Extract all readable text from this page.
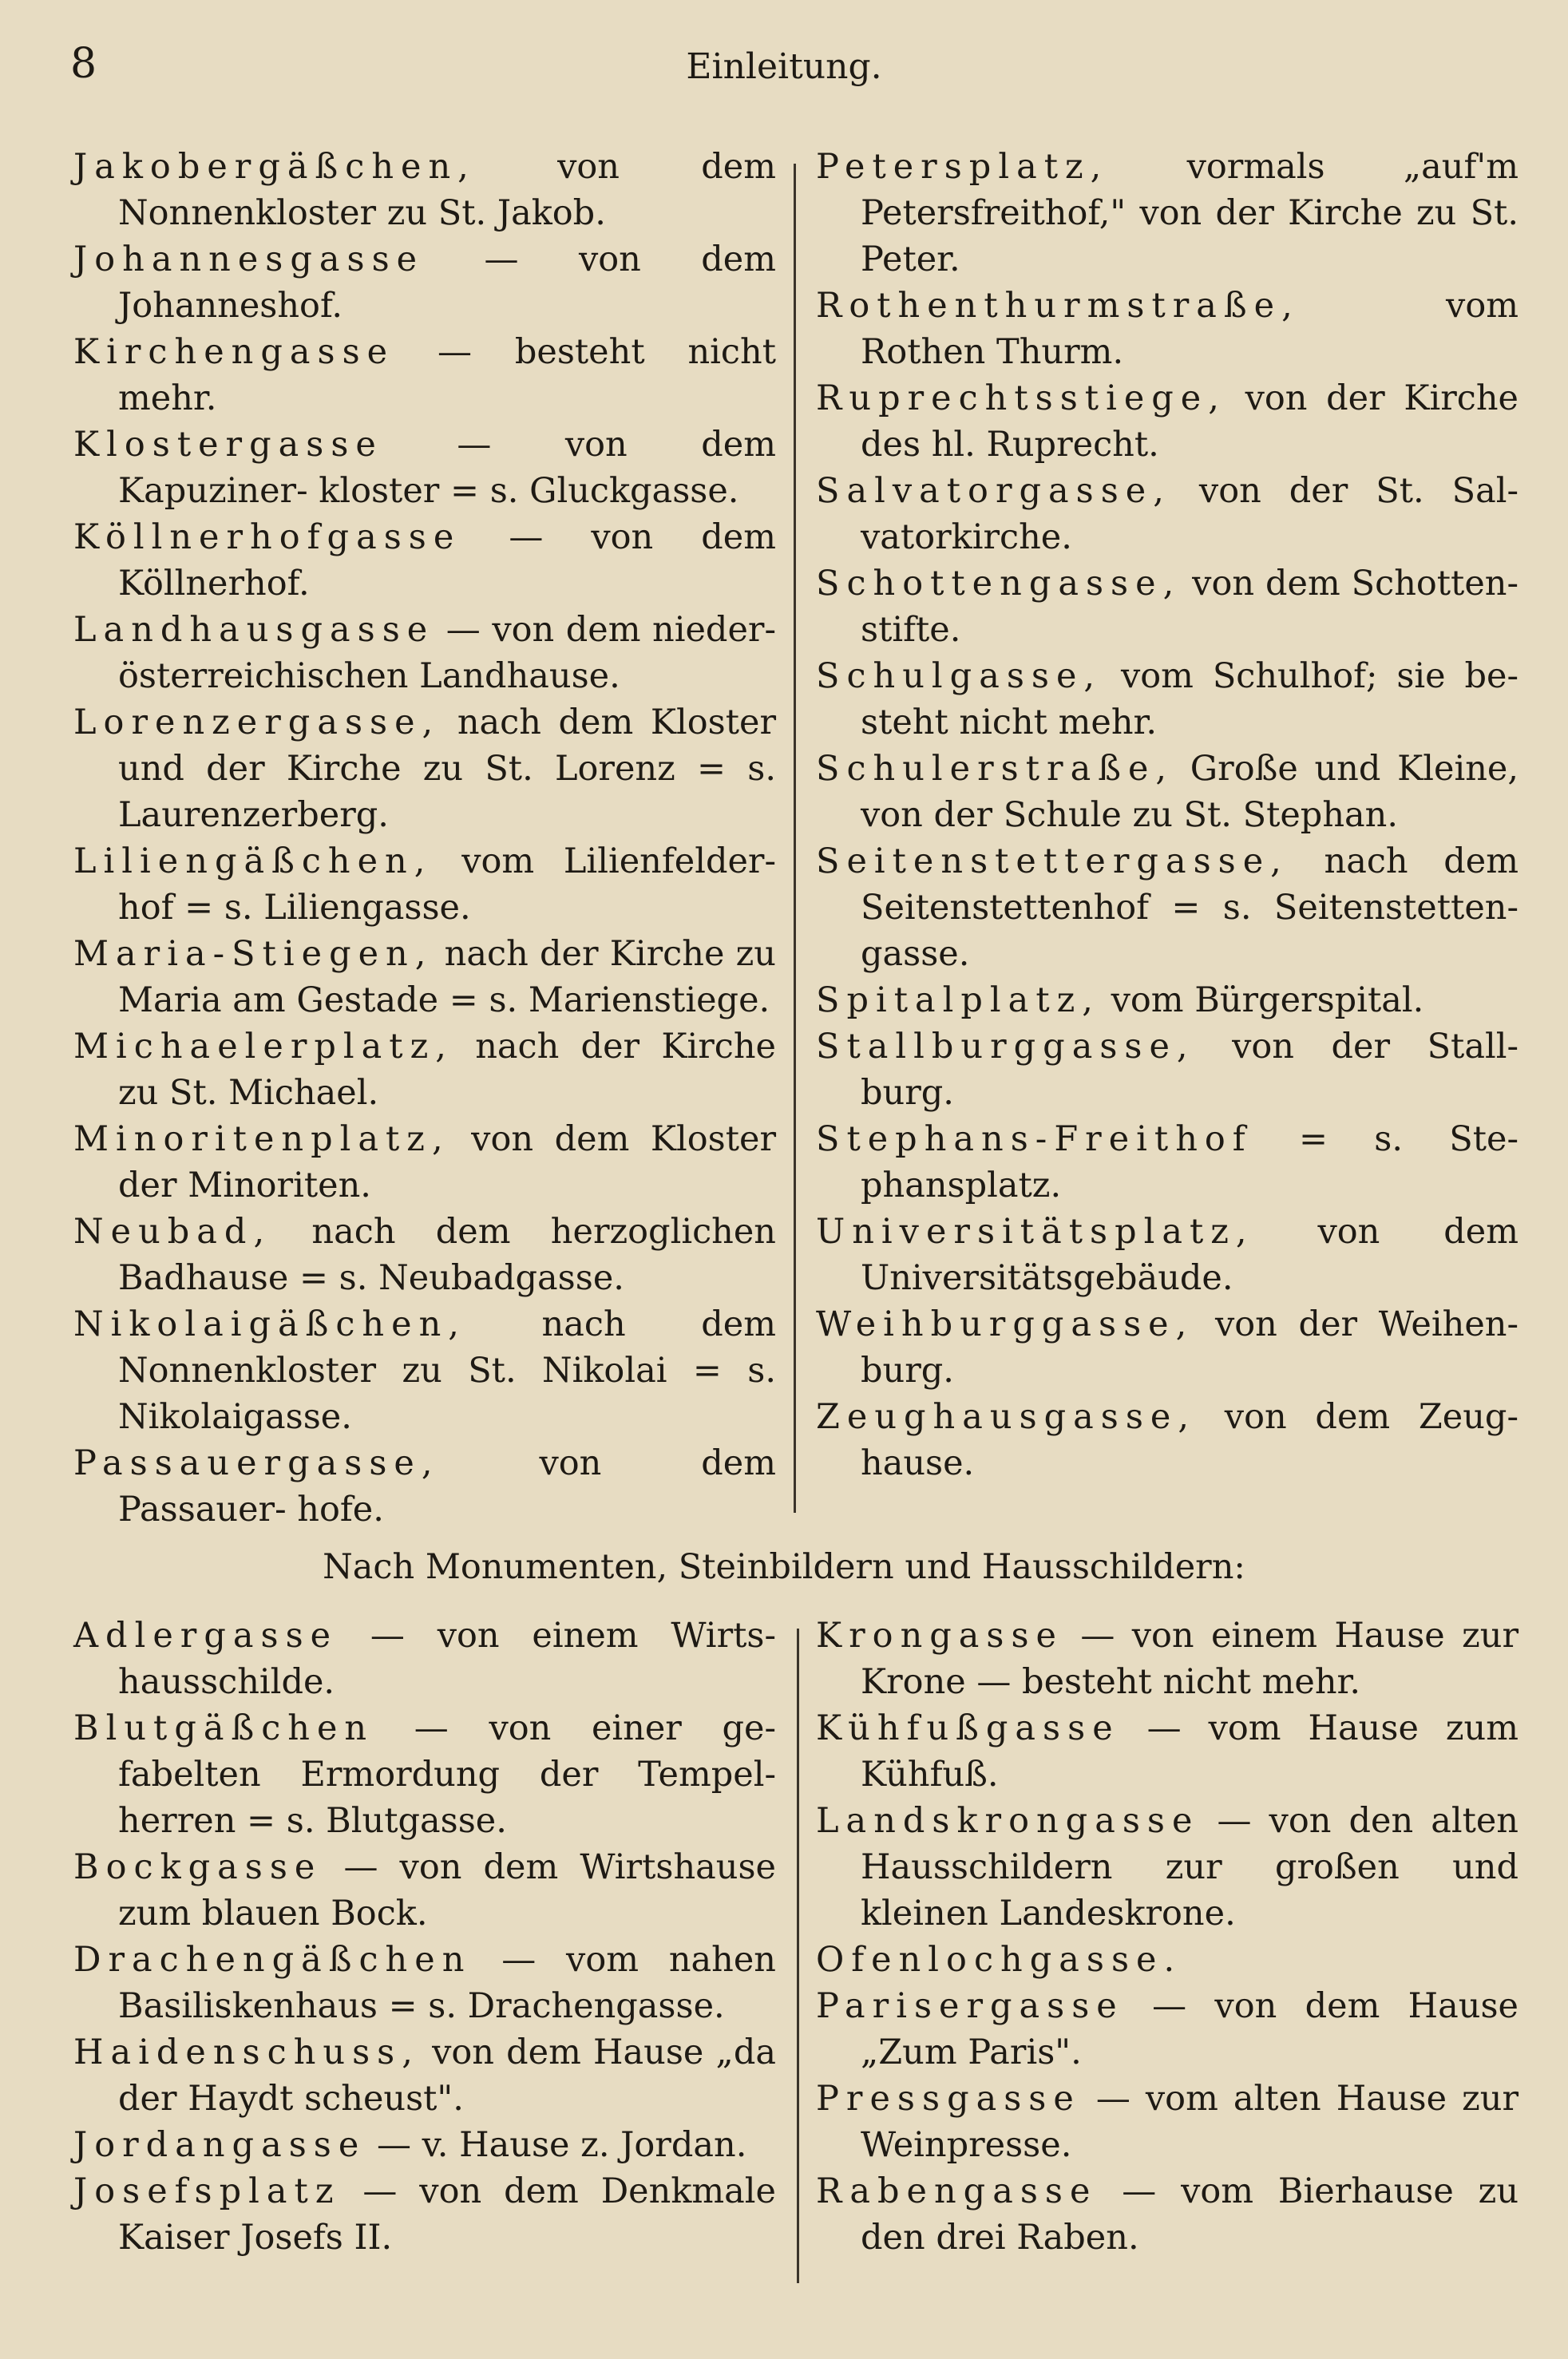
8	Einleitung.

Jakobergäßchen, von dem Nonnenkloster zu St. Jakob.

Johannesgasse — von dem Johanneshof.

Kirchengasse — besteht nicht mehr.

Klostergasse — von dem Kapuziner- kloster = s. Gluckgasse.

Köllnerhofgasse — von dem Köllnerhof.

Landhausgasse — von dem nieder- österreichischen Landhause.

Lorenzergasse, nach dem Kloster und der Kirche zu St. Lorenz = s. Laurenzerberg.

Liliengäßchen, vom Lilienfelder- hof = s. Liliengasse.

Maria-Stiegen, nach der Kirche zu Maria am Gestade = s. Marienstiege.

Michaelerplatz, nach der Kirche zu St. Michael.

Minoritenplatz, von dem Kloster der Minoriten.

Neubad, nach dem herzoglichen Badhause = s. Neubadgasse.

Nikolaigäßchen, nach dem Nonnenkloster zu St. Nikolai = s. Nikolaigasse.

Passauergasse,	von dem Passauer- hofe.

Petersplatz, vormals „auf'm Petersfreithof," von der Kirche zu St. Peter.

Rothenthurmstraße,	vom Rothen Thurm.

Ruprechtsstiege, von der Kirche des hl. Ruprecht.

Salvatorgasse, von der St. Sal- vatorkirche.

Schottengasse, von dem Schotten- stifte.

Schulgasse, vom Schulhof; sie be- steht nicht mehr.

Schulerstraße, Große und Kleine, von der Schule zu St. Stephan.

Seitenstettergasse, nach dem Seitenstettenhof = s. Seitenstetten- gasse.

Spitalplatz, vom Bürgerspital.

Stallburggasse, von der Stall- burg.

Stephans-Freithof = s. Ste- phansplatz.

Universitätsplatz, von dem Universitätsgebäude.

Weihburggasse, von der Weihen- burg.

Zeughausgasse, von dem Zeug- hause.

Nach Monumenten, Steinbildern und Hausschildern:

Adlergasse — von einem Wirts- hausschilde.

Blutgäßchen — von einer ge- fabelten Ermordung der Tempel- herren = s. Blutgasse.

Bockgasse — von dem Wirtshause zum blauen Bock.

Drachengäßchen — vom nahen Basiliskenhaus = s. Drachengasse.

Haidenschuss, von dem Hause „da der Haydt scheust".

Jordangasse — v. Hause z. Jordan.

Josefsplatz — von dem Denkmale Kaiser Josefs II.

Krongasse — von einem Hause zur Krone — besteht nicht mehr.

Kühfußgasse — vom Hause zum Kühfuß.

Landskrongasse — von den alten Hausschildern zur großen und kleinen Landeskrone.

Ofenlochgasse.

Parisergasse — von dem Hause „Zum Paris".

Pressgasse — vom alten Hause zur Weinpresse.

Rabengasse — vom Bierhause zu den drei Raben.
